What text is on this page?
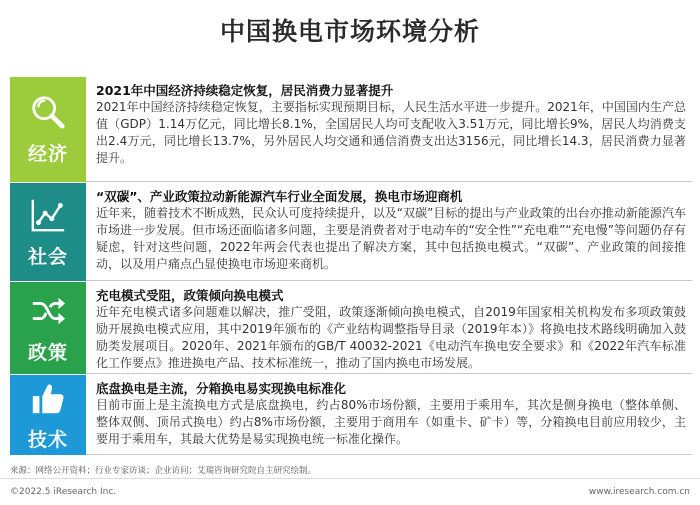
中国换电市场环境分析
经济
2021年中国经济持续稳定恢复，居民消费力显著提升
2021年中国经济持续稳定恢复，主要指标实现预期目标，人民生活水平进一步提升。2021年，中国国内生产总值（GDP）1.14万亿元，同比增长8.1%，全国居民人均可支配收入3.51万元，同比增长9%，居民人均消费支出2.4万元，同比增长13.7%，另外居民人均交通和通信消费支出达3156元，同比增长14.3，居民消费力显著提升。
社会
“双碳”、产业政策拉动新能源汽车行业全面发展，换电市场迎商机
近年来，随着技术不断成熟，民众认可度持续提升，以及“双碳”目标的提出与产业政策的出台亦推动新能源汽车市场进一步发展。但市场还面临诸多问题，主要是消费者对于电动车的“安全性”“充电难”“充电慢”等问题仍存有疑虑，针对这些问题，2022年两会代表也提出了解决方案，其中包括换电模式。“双碳”、产业政策的间接推动，以及用户痛点凸显使换电市场迎来商机。
政策
充电模式受阻，政策倾向换电模式
近年充电模式诸多问题难以解决，推广受阻，政策逐渐倾向换电模式，自2019年国家相关机构发布多项政策鼓励开展换电模式应用，其中2019年颁布的《产业结构调整指导目录（2019年本）》将换电技术路线明确加入鼓励类发展项目。2020年、2021年颁布的GB/T 40032-2021《电动汽车换电安全要求》和《2022年汽车标准化工作要点》推进换电产品、技术标准统一，推动了国内换电市场发展。
技术
底盘换电是主流，分箱换电易实现换电标准化
目前市面上是主流换电方式是底盘换电，约占80%市场份额，主要用于乘用车，其次是侧身换电（整体单侧、整体双侧、顶吊式换电）约占8%市场份额，主要用于商用车（如重卡、矿卡）等，分箱换电目前应用较少，主要用于乘用车，其最大优势是易实现换电统一标准化操作。
来源：网络公开资料；行业专家访谈；企业访问；艾瑞咨询研究院自主研究绘制。
©2022.5 iResearch Inc.	www.iresearch.com.cn
